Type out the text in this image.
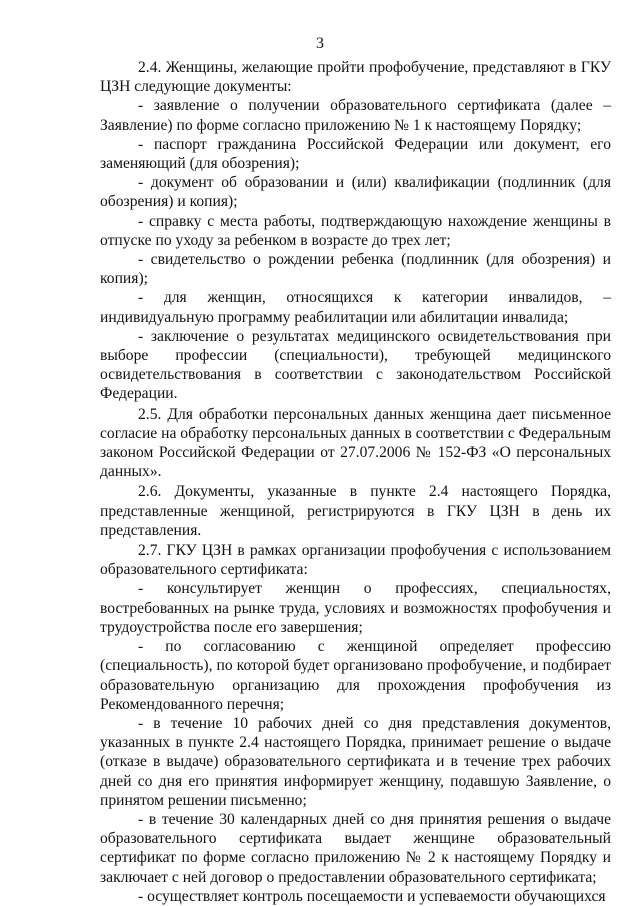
3

2.4. Женщины, желающие пройти профобучение, представляют в ГКУ ЦЗН следующие документы:

- заявление о получении образовательного сертификата (далее – Заявление) по форме согласно приложению № 1 к настоящему Порядку;

- паспорт гражданина Российской Федерации или документ, его заменяющий (для обозрения);

- документ об образовании и (или) квалификации (подлинник (для обозрения) и копия);

- справку с места работы, подтверждающую нахождение женщины в отпуске по уходу за ребенком в возрасте до трех лет;

- свидетельство о рождении ребенка (подлинник (для обозрения) и копия);

- для женщин, относящихся к категории инвалидов, – индивидуальную программу реабилитации или абилитации инвалида;

- заключение о результатах медицинского освидетельствования при выборе профессии (специальности), требующей медицинского освидетельствования в соответствии с законодательством Российской Федерации.

2.5. Для обработки персональных данных женщина дает письменное согласие на обработку персональных данных в соответствии с Федеральным законом Российской Федерации от 27.07.2006 № 152-ФЗ «О персональных данных».

2.6. Документы, указанные в пункте 2.4 настоящего Порядка, представленные женщиной, регистрируются в ГКУ ЦЗН в день их представления.

2.7. ГКУ ЦЗН в рамках организации профобучения с использованием образовательного сертификата:

- консультирует женщин о профессиях, специальностях, востребованных на рынке труда, условиях и возможностях профобучения и трудоустройства после его завершения;

- по согласованию с женщиной определяет профессию (специальность), по которой будет организовано профобучение, и подбирает образовательную организацию для прохождения профобучения из Рекомендованного перечня;

- в течение 10 рабочих дней со дня представления документов, указанных в пункте 2.4 настоящего Порядка, принимает решение о выдаче (отказе в выдаче) образовательного сертификата и в течение трех рабочих дней со дня его принятия информирует женщину, подавшую Заявление, о принятом решении письменно;

- в течение 30 календарных дней со дня принятия решения о выдаче образовательного сертификата выдает женщине образовательный сертификат по форме согласно приложению № 2 к настоящему Порядку и заключает с ней договор о предоставлении образовательного сертификата;

- осуществляет контроль посещаемости и успеваемости обучающихся
